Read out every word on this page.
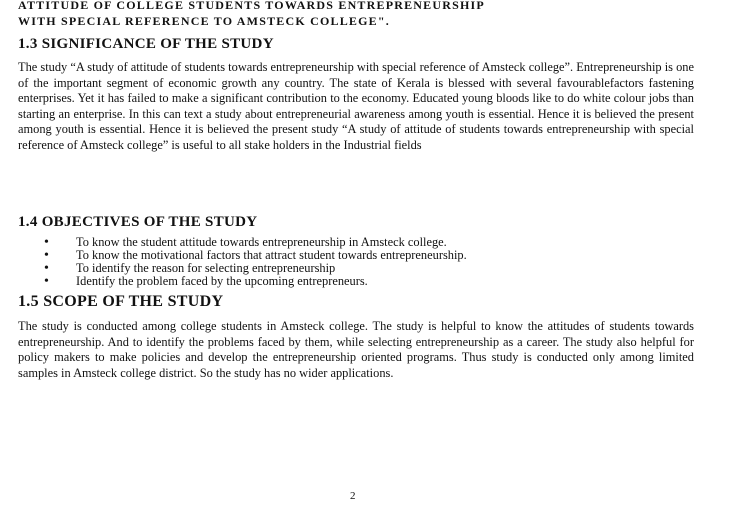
ATTITUDE OF COLLEGE STUDENTS TOWARDS ENTREPRENEURSHIP
WITH SPECIAL REFERENCE TO AMSTECK COLLEGE".
1.3 SIGNIFICANCE OF THE STUDY

The study “A study of attitude of students towards entrepreneurship with special reference of Amsteck college”. Entrepreneurship is one of the important segment of economic growth any country. The state of Kerala is blessed with several favourablefactors fastening enterprises. Yet it has failed to make a significant contribution to the economy. Educated young bloods like to do white colour jobs than starting an enterprise. In this can text a study about entrepreneurial awareness among youth is essential. Hence it is believed the present among youth is essential. Hence it is believed the present study “A study of attitude of students towards entrepreneurship with special reference of Amsteck college” is useful to all stake holders in the Industrial fields

1.4 OBJECTIVES OF THE STUDY
• To know the student attitude towards entrepreneurship in Amsteck college.
• To know the motivational factors that attract student towards entrepreneurship.
• To identify the reason for selecting entrepreneurship
• Identify the problem faced by the upcoming entrepreneurs.
1.5 SCOPE OF THE STUDY

The study is conducted among college students in Amsteck college. The study is helpful to know the attitudes of students towards entrepreneurship. And to identify the problems faced by them, while selecting entrepreneurship as a career. The study also helpful for policy makers to make policies and develop the entrepreneurship oriented programs. Thus study is conducted only among limited samples in Amsteck college district. So the study has no wider applications.

2
